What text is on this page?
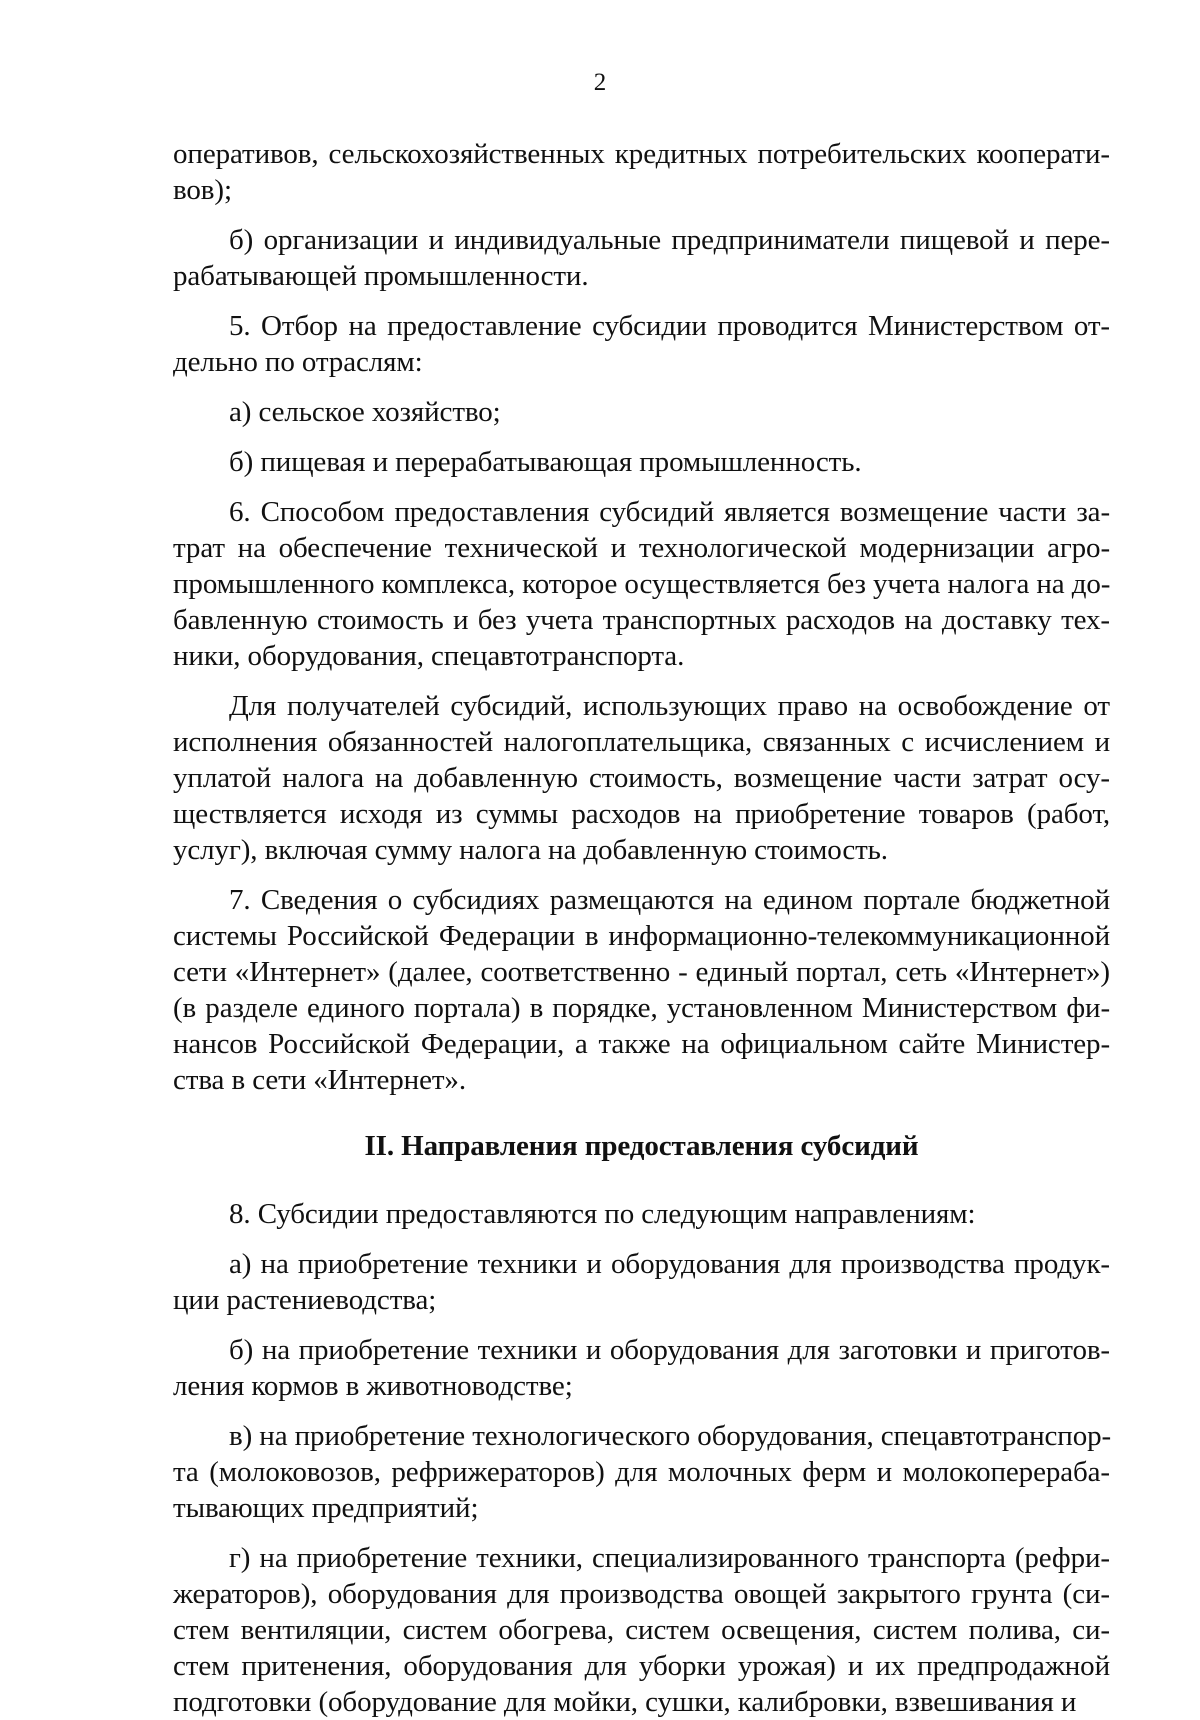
2
оперативов, сельскохозяйственных кредитных потребительских кооперати-
вов);
б) организации и индивидуальные предприниматели пищевой и пере-
рабатывающей промышленности.
5. Отбор на предоставление субсидии проводится Министерством от-
дельно по отраслям:
а) сельское хозяйство;
б) пищевая и перерабатывающая промышленность.
6. Способом предоставления субсидий является возмещение части за-
трат на обеспечение технической и технологической модернизации агро-
промышленного комплекса, которое осуществляется без учета налога на до-
бавленную стоимость и без учета транспортных расходов на доставку тех-
ники, оборудования, спецавтотранспорта.
Для получателей субсидий, использующих право на освобождение от
исполнения обязанностей налогоплательщика, связанных с исчислением и
уплатой налога на добавленную стоимость, возмещение части затрат осу-
ществляется исходя из суммы расходов на приобретение товаров (работ,
услуг), включая сумму налога на добавленную стоимость.
7. Сведения о субсидиях размещаются на едином портале бюджетной
системы Российской Федерации в информационно-телекоммуникационной
сети «Интернет» (далее, соответственно - единый портал, сеть «Интернет»)
(в разделе единого портала) в порядке, установленном Министерством фи-
нансов Российской Федерации, а также на официальном сайте Министер-
ства в сети «Интернет».
II. Направления предоставления субсидий
8. Субсидии предоставляются по следующим направлениям:
а) на приобретение техники и оборудования для производства продук-
ции растениеводства;
б) на приобретение техники и оборудования для заготовки и приготов-
ления кормов в животноводстве;
в) на приобретение технологического оборудования, спецавтотранспор-
та (молоковозов, рефрижераторов) для молочных ферм и молокоперераба-
тывающих предприятий;
г) на приобретение техники, специализированного транспорта (рефри-
жераторов), оборудования для производства овощей закрытого грунта (си-
стем вентиляции, систем обогрева, систем освещения, систем полива, си-
стем притенения, оборудования для уборки урожая) и их предпродажной
подготовки (оборудование для мойки, сушки, калибровки, взвешивания и
